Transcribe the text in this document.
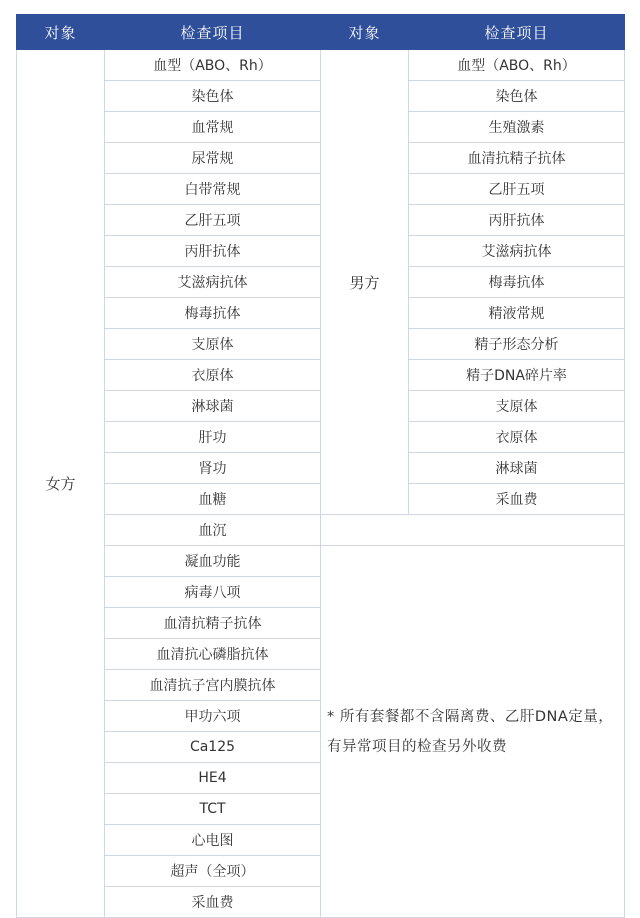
对象	检查项目	对象	检查项目
女方	血型（ABO、Rh）	男方	血型（ABO、Rh）
	染色体		染色体
	血常规		生殖激素
	尿常规		血清抗精子抗体
	白带常规		乙肝五项
	乙肝五项		丙肝抗体
	丙肝抗体		艾滋病抗体
	艾滋病抗体		梅毒抗体
	梅毒抗体		精液常规
	支原体		精子形态分析
	衣原体		精子DNA碎片率
	淋球菌		支原体
	肝功		衣原体
	肾功		淋球菌
	血糖		采血费
	血沉		
	凝血功能	* 所有套餐都不含隔离费、乙肝DNA定量，有异常项目的检查另外收费	

	病毒八项		
	血清抗精子抗体		
	血清抗心磷脂抗体		
	血清抗子宫内膜抗体		
	甲功六项		
	Ca125		
	HE4		
	TCT		
	心电图		
	超声（全项）		
	采血费		
